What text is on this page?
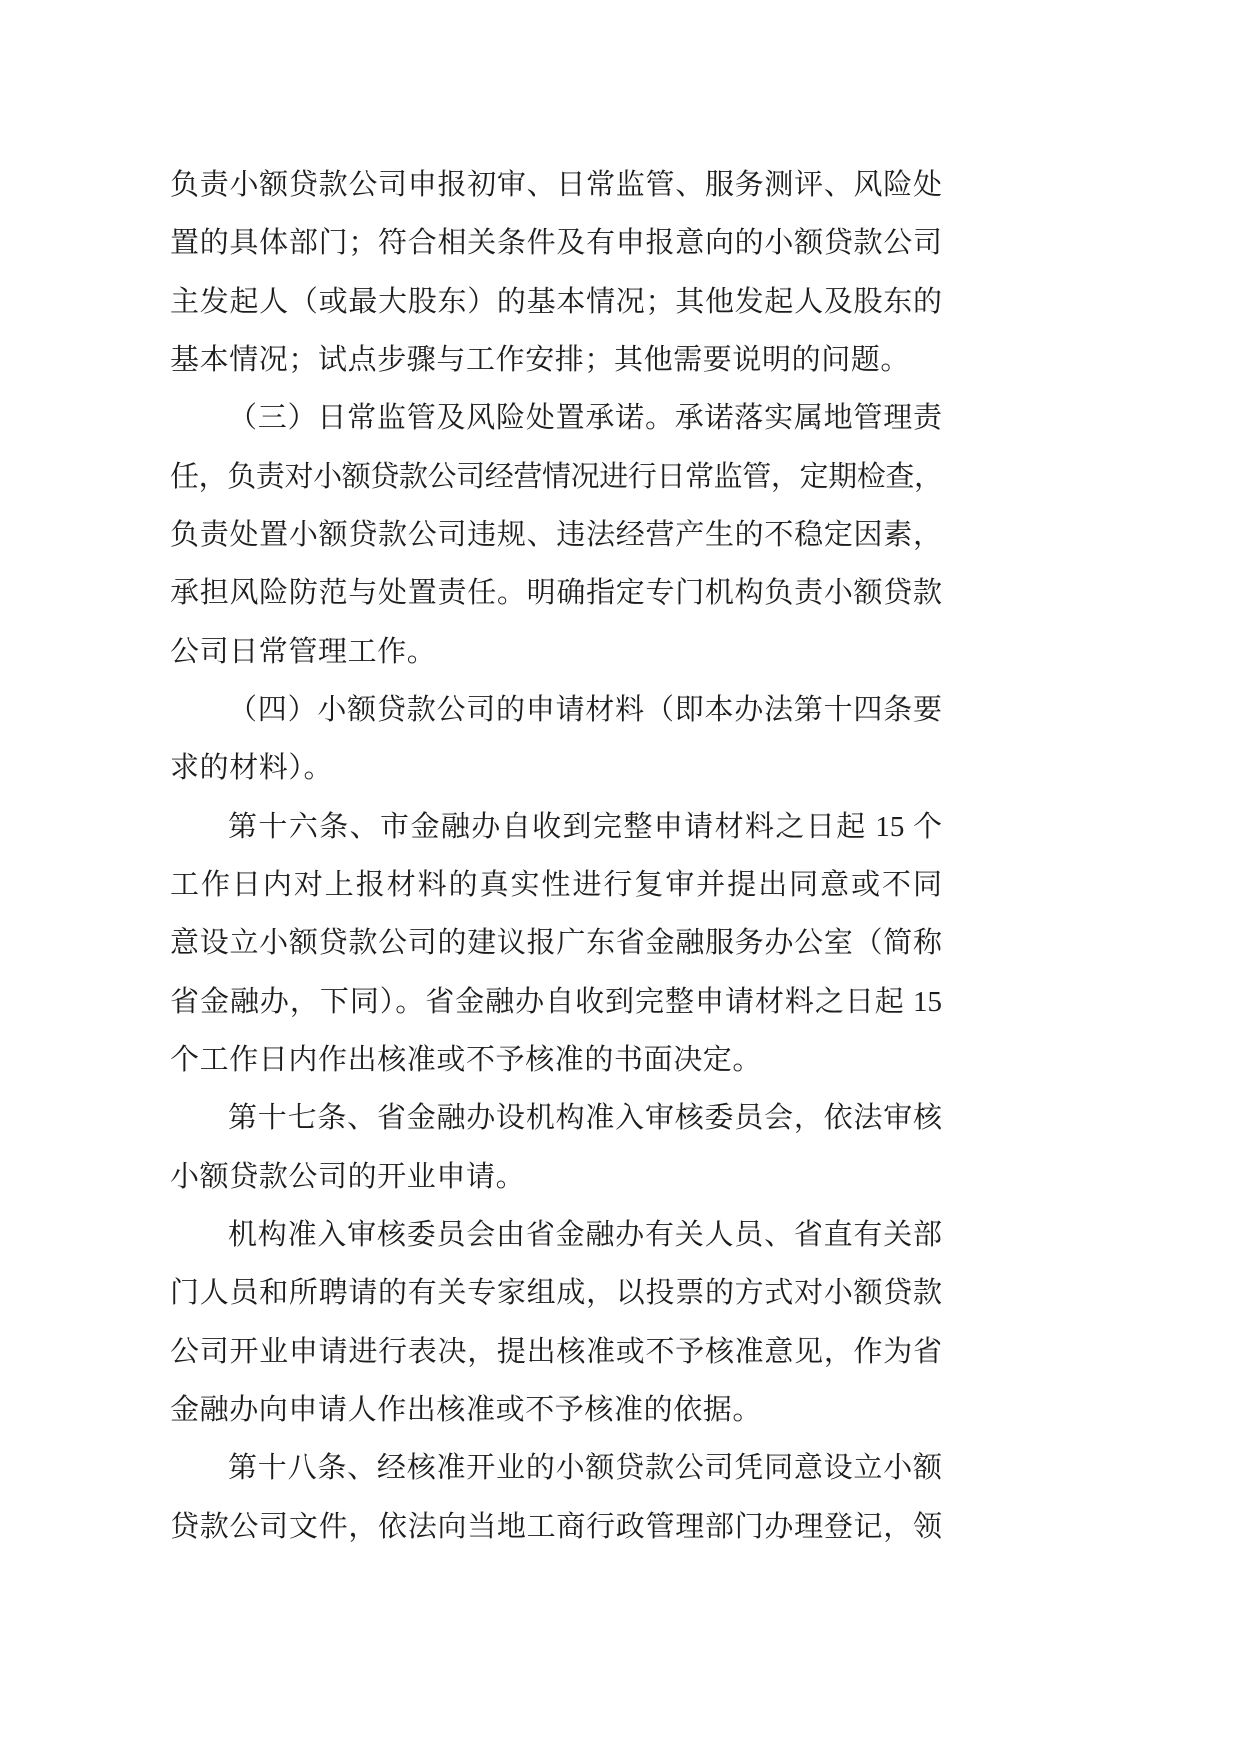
负责小额贷款公司申报初审、日常监管、服务测评、风险处
置的具体部门；符合相关条件及有申报意向的小额贷款公司
主发起人（或最大股东）的基本情况；其他发起人及股东的
基本情况；试点步骤与工作安排；其他需要说明的问题。
（三）日常监管及风险处置承诺。承诺落实属地管理责
任，负责对小额贷款公司经营情况进行日常监管，定期检查，
负责处置小额贷款公司违规、违法经营产生的不稳定因素，
承担风险防范与处置责任。明确指定专门机构负责小额贷款
公司日常管理工作。
（四）小额贷款公司的申请材料（即本办法第十四条要
求的材料）。
第十六条、市金融办自收到完整申请材料之日起 15 个
工作日内对上报材料的真实性进行复审并提出同意或不同
意设立小额贷款公司的建议报广东省金融服务办公室（简称
省金融办，下同）。省金融办自收到完整申请材料之日起 15
个工作日内作出核准或不予核准的书面决定。
第十七条、省金融办设机构准入审核委员会，依法审核
小额贷款公司的开业申请。
机构准入审核委员会由省金融办有关人员、省直有关部
门人员和所聘请的有关专家组成，以投票的方式对小额贷款
公司开业申请进行表决，提出核准或不予核准意见，作为省
金融办向申请人作出核准或不予核准的依据。
第十八条、经核准开业的小额贷款公司凭同意设立小额
贷款公司文件，依法向当地工商行政管理部门办理登记，领
